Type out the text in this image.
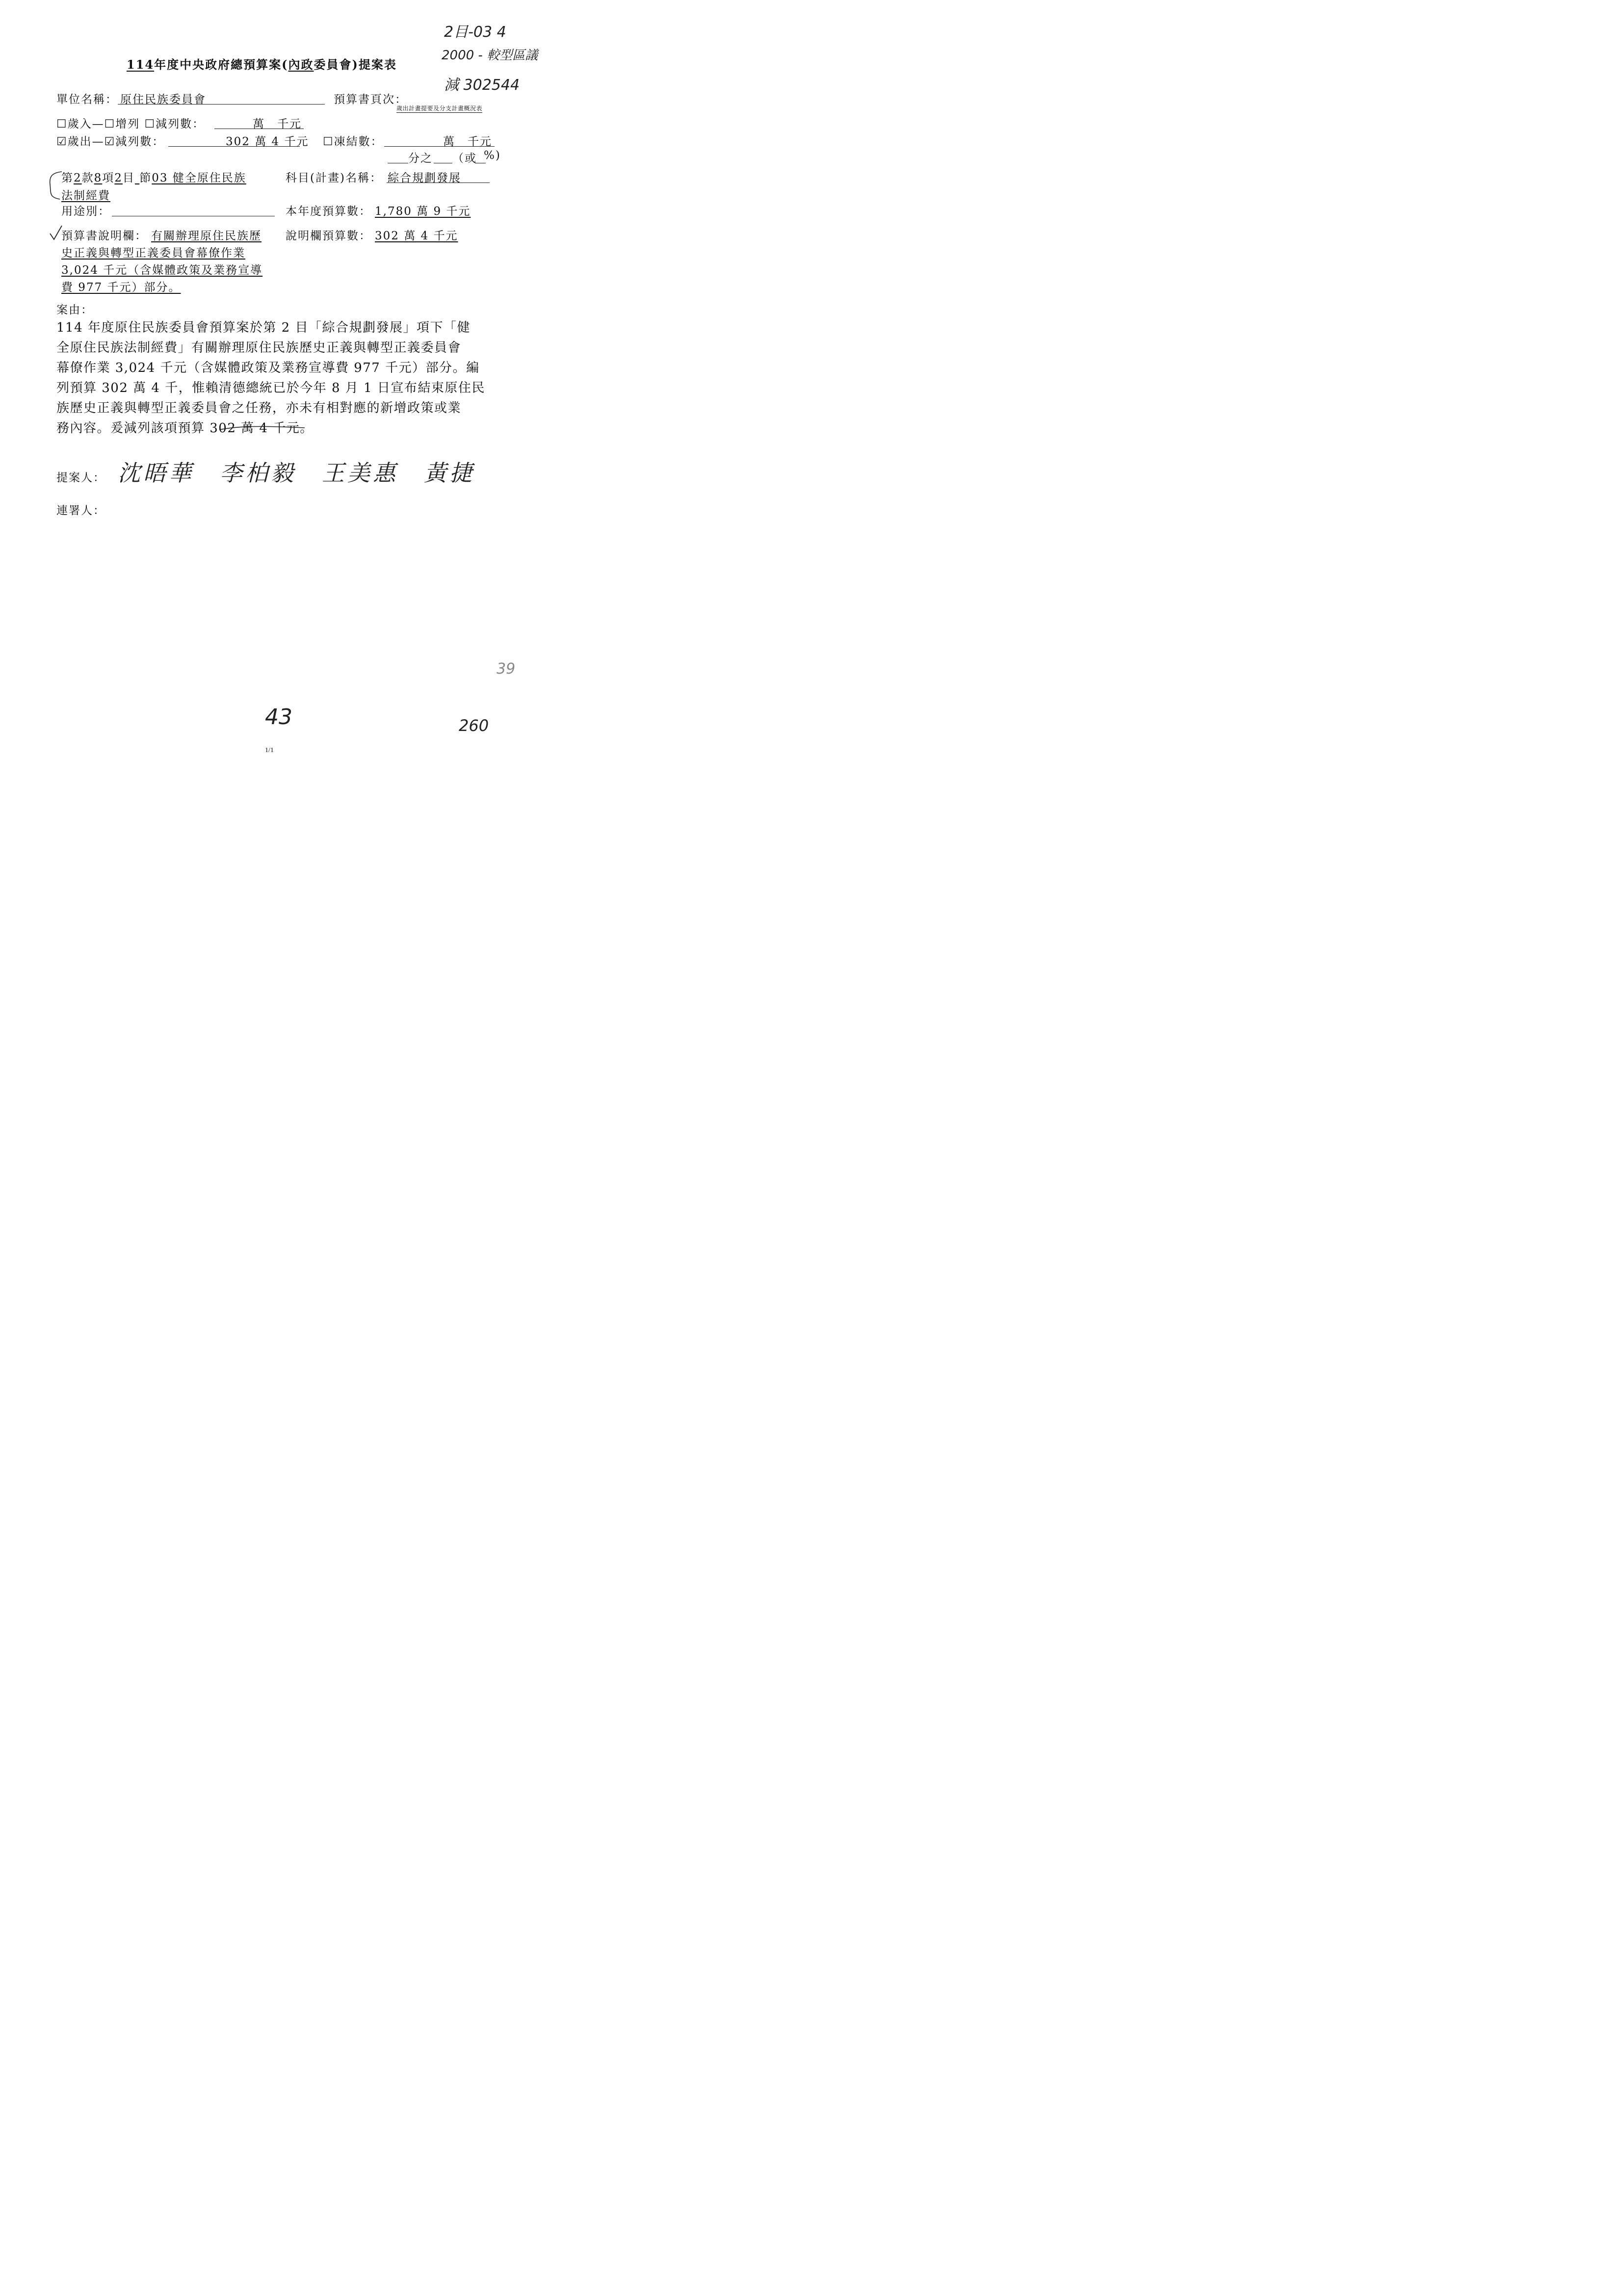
2目-03 4
2000 - 較型區議
減 302544
114年度中央政府總預算案(內政委員會)提案表
單位名稱： 原住民族委員會	預算書頁次：
歲出計畫提要及分支計畫概況表
☐歲入—☐增列 ☐減列數：	萬　千元
☑歲出—☑減列數：	302 萬 4 千元 ☐凍結數：	萬　千元
分之 （或 %)
第2款8項2目 節03 健全原住民族
法制經費
科目(計畫)名稱： 綜合規劃發展
用途別：	本年度預算數： 1,780 萬 9 千元
預算書說明欄： 有關辦理原住民族歷
史正義與轉型正義委員會幕僚作業
3,024 千元（含媒體政策及業務宣導
費 977 千元）部分。
說明欄預算數： 302 萬 4 千元
案由：
114 年度原住民族委員會預算案於第 2 目「綜合規劃發展」項下「健
全原住民族法制經費」有關辦理原住民族歷史正義與轉型正義委員會
幕僚作業 3,024 千元（含媒體政策及業務宣導費 977 千元）部分。編
列預算 302 萬 4 千，惟賴清德總統已於今年 8 月 1 日宣布結束原住民
族歷史正義與轉型正義委員會之任務，亦未有相對應的新增政策或業
務內容。爰減列該項預算 302 萬 4 千元。
提案人： 沈晤華　李柏毅　王美惠　黃捷
連署人：
39
43	260
1/1
